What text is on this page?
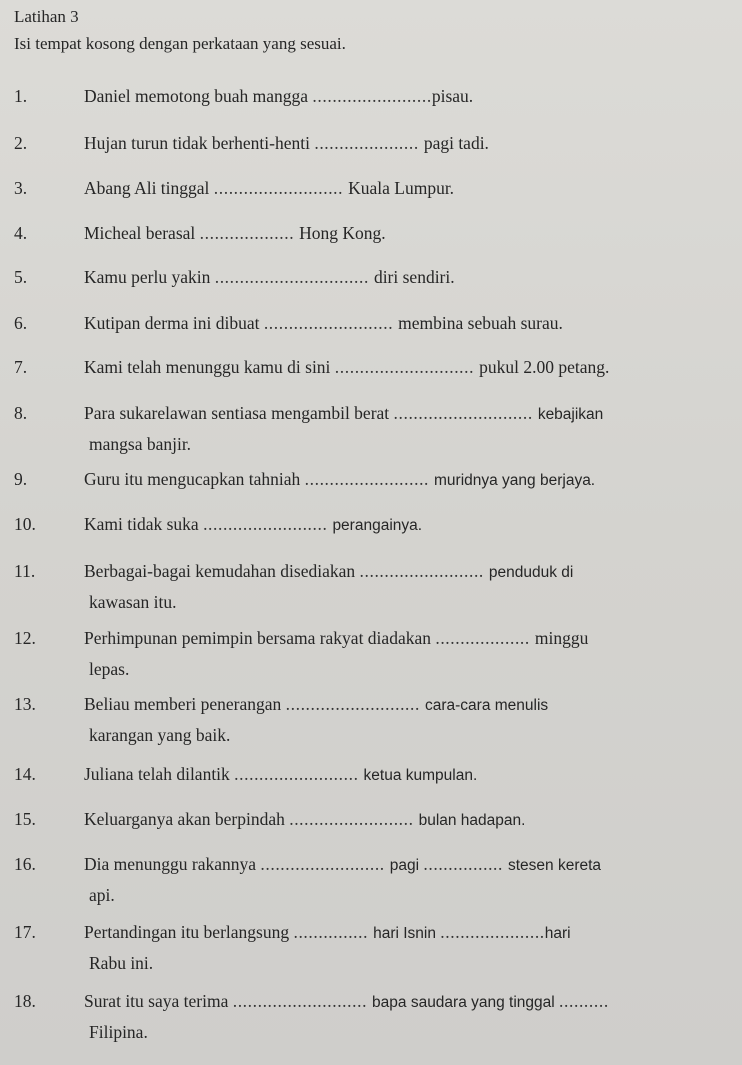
Latihan 3
Isi tempat kosong dengan perkataan yang sesuai.
1.	Daniel memotong buah mangga ........................pisau.
2.	Hujan turun tidak berhenti-henti ..................... pagi tadi.
3.	Abang Ali tinggal .......................... Kuala Lumpur.
4.	Micheal berasal ................... Hong Kong.
5.	Kamu perlu yakin ............................... diri sendiri.
6.	Kutipan derma ini dibuat .......................... membina sebuah surau.
7.	Kami telah menunggu kamu di sini ............................ pukul 2.00 petang.
8.	Para sukarelawan sentiasa mengambil berat ............................ kebajikan
mangsa banjir.
9.	Guru itu mengucapkan tahniah ......................... muridnya yang berjaya.
10.	Kami tidak suka ......................... perangainya.
11.	Berbagai-bagai kemudahan disediakan ......................... penduduk di
kawasan itu.
12.	Perhimpunan pemimpin bersama rakyat diadakan ................... minggu
lepas.
13.	Beliau memberi penerangan ........................... cara-cara menulis
karangan yang baik.
14.	Juliana telah dilantik ......................... ketua kumpulan.
15.	Keluarganya akan berpindah ......................... bulan hadapan.
16.	Dia menunggu rakannya ......................... pagi ................ stesen kereta
api.
17.	Pertandingan itu berlangsung ............... hari Isnin .....................hari
Rabu ini.
18.	Surat itu saya terima ........................... bapa saudara yang tinggal ..........
Filipina.
